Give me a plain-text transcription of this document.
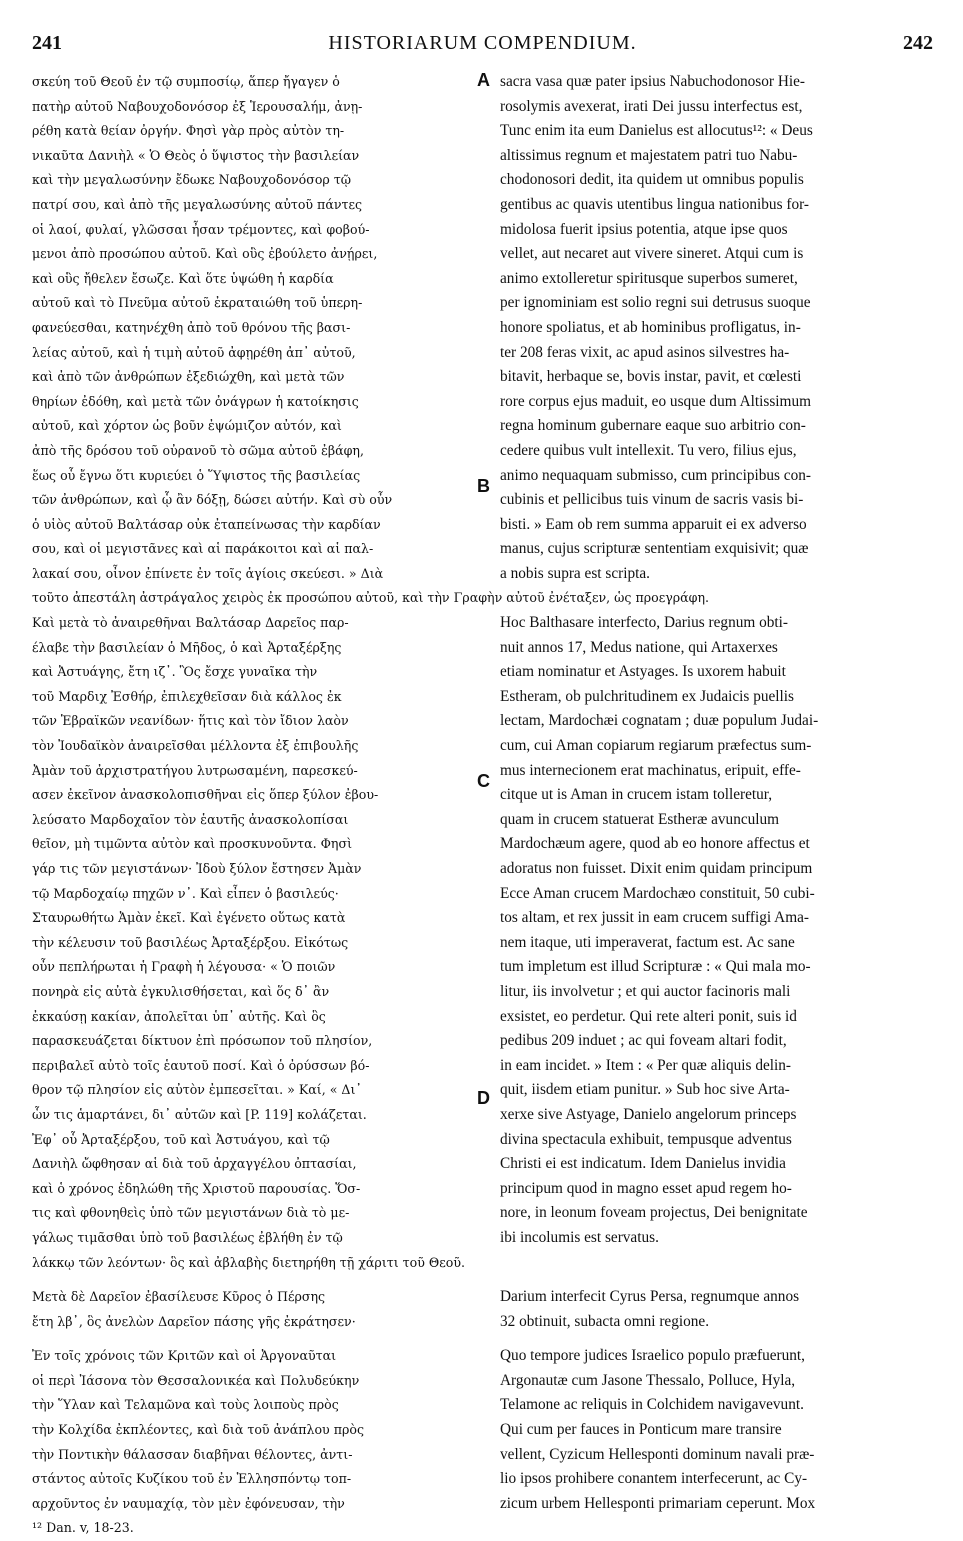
241	HISTORIARUM COMPENDIUM.	242
A
B
C
D
σκεύη τοῦ Θεοῦ ἐν τῷ συμποσίῳ, ἅπερ ἤγαγεν ὁ
πατὴρ αὐτοῦ Ναβουχοδονόσορ ἐξ Ἱερουσαλήμ, ἀνῃ-
ρέθη κατὰ θείαν ὀργήν. Φησὶ γὰρ πρὸς αὐτὸν τη-
νικαῦτα Δανιὴλ « Ὁ Θεὸς ὁ ὕψιστος τὴν βασιλείαν
καὶ τὴν μεγαλωσύνην ἔδωκε Ναβουχοδονόσορ τῷ
πατρί σου, καὶ ἀπὸ τῆς μεγαλωσύνης αὐτοῦ πάντες
οἱ λαοί, φυλαί, γλῶσσαι ἦσαν τρέμοντες, καὶ φοβού-
μενοι ἀπὸ προσώπου αὐτοῦ. Καὶ οὓς ἐβούλετο ἀνῄρει,
καὶ οὓς ἤθελεν ἔσωζε. Καὶ ὅτε ὑψώθη ἡ καρδία
αὐτοῦ καὶ τὸ Πνεῦμα αὐτοῦ ἐκραταιώθη τοῦ ὑπερη-
φανεύεσθαι, κατηνέχθη ἀπὸ τοῦ θρόνου τῆς βασι-
λείας αὐτοῦ, καὶ ἡ τιμὴ αὐτοῦ ἀφῃρέθη ἀπ᾽ αὐτοῦ,
καὶ ἀπὸ τῶν ἀνθρώπων ἐξεδιώχθη, καὶ μετὰ τῶν
θηρίων ἐδόθη, καὶ μετὰ τῶν ὀνάγρων ἡ κατοίκησις
αὐτοῦ, καὶ χόρτον ὡς βοῦν ἐψώμιζον αὐτόν, καὶ
ἀπὸ τῆς δρόσου τοῦ οὐρανοῦ τὸ σῶμα αὐτοῦ ἐβάφη,
ἕως οὗ ἔγνω ὅτι κυριεύει ὁ Ὕψιστος τῆς βασιλείας
τῶν ἀνθρώπων, καὶ ᾧ ἂν δόξῃ, δώσει αὐτήν. Καὶ σὺ οὖν
ὁ υἱὸς αὐτοῦ Βαλτάσαρ οὐκ ἐταπείνωσας τὴν καρδίαν
σου, καὶ οἱ μεγιστᾶνες καὶ αἱ παράκοιτοι καὶ αἱ παλ-
λακαί σου, οἶνον ἐπίνετε ἐν τοῖς ἁγίοις σκεύεσι. » Διὰ
τοῦτο ἀπεστάλη ἀστράγαλος χειρὸς ἐκ προσώπου αὐτοῦ, καὶ τὴν Γραφὴν αὐτοῦ ἐνέταξεν, ὡς προεγράφη.
Καὶ μετὰ τὸ ἀναιρεθῆναι Βαλτάσαρ Δαρεῖος παρ-
έλαβε τὴν βασιλείαν ὁ Μῆδος, ὁ καὶ Ἀρταξέρξης
καὶ Ἀστυάγης, ἔτη ιζ᾽. Ὃς ἔσχε γυναῖκα τὴν
τοῦ Μαρδιχ Ἐσθήρ, ἐπιλεχθεῖσαν διὰ κάλλος ἐκ
τῶν Ἑβραϊκῶν νεανίδων· ἥτις καὶ τὸν ἴδιον λαὸν
τὸν Ἰουδαϊκὸν ἀναιρεῖσθαι μέλλοντα ἐξ ἐπιβουλῆς
Ἀμὰν τοῦ ἀρχιστρατήγου λυτρωσαμένη, παρεσκεύ-
ασεν ἐκεῖνον ἀνασκολοπισθῆναι εἰς ὅπερ ξύλον ἐβου-
λεύσατο Μαρδοχαῖον τὸν ἑαυτῆς ἀνασκολοπίσαι
θεῖον, μὴ τιμῶντα αὐτὸν καὶ προσκυνοῦντα. Φησὶ
γάρ τις τῶν μεγιστάνων· Ἰδοὺ ξύλον ἔστησεν Ἀμὰν
τῷ Μαρδοχαίῳ πηχῶν ν᾽. Καὶ εἶπεν ὁ βασιλεύς·
Σταυρωθήτω Ἀμὰν ἐκεῖ. Καὶ ἐγένετο οὕτως κατὰ
τὴν κέλευσιν τοῦ βασιλέως Ἀρταξέρξου. Εἰκότως
οὖν πεπλήρωται ἡ Γραφὴ ἡ λέγουσα· « Ὁ ποιῶν
πονηρὰ εἰς αὐτὰ ἐγκυλισθήσεται, καὶ ὅς δ᾽ ἂν
ἐκκαύσῃ κακίαν, ἀπολεῖται ὑπ᾽ αὐτῆς. Καὶ ὃς
παρασκευάζεται δίκτυον ἐπὶ πρόσωπον τοῦ πλησίον,
περιβαλεῖ αὐτὸ τοῖς ἑαυτοῦ ποσί. Καὶ ὁ ὀρύσσων βό-
θρον τῷ πλησίον εἰς αὐτὸν ἐμπεσεῖται. » Καί, « Δι᾽
ὧν τις ἁμαρτάνει, δι᾽ αὐτῶν καὶ [P. 119] κολάζεται.
Ἐφ᾽ οὗ Ἀρταξέρξου, τοῦ καὶ Ἀστυάγου, καὶ τῷ
Δανιὴλ ὤφθησαν αἱ διὰ τοῦ ἀρχαγγέλου ὀπτασίαι,
καὶ ὁ χρόνος ἐδηλώθη τῆς Χριστοῦ παρουσίας. Ὅσ-
τις καὶ φθονηθεὶς ὑπὸ τῶν μεγιστάνων διὰ τὸ με-
γάλως τιμᾶσθαι ὑπὸ τοῦ βασιλέως ἐβλήθη ἐν τῷ
λάκκῳ τῶν λεόντων· ὃς καὶ ἀβλαβὴς διετηρήθη τῇ χάριτι τοῦ Θεοῦ.
Μετὰ δὲ Δαρεῖον ἐβασίλευσε Κῦρος ὁ Πέρσης
ἔτη λβ᾽, ὃς ἀνελὼν Δαρεῖον πάσης γῆς ἐκράτησεν·
Ἐν τοῖς χρόνοις τῶν Κριτῶν καὶ οἱ Ἀργοναῦται
οἱ περὶ Ἰάσονα τὸν Θεσσαλονικέα καὶ Πολυδεύκην
τὴν Ὕλαν καὶ Τελαμῶνα καὶ τοὺς λοιποὺς πρὸς
τὴν Κολχίδα ἐκπλέοντες, καὶ διὰ τοῦ ἀνάπλου πρὸς
τὴν Ποντικὴν θάλασσαν διαβῆναι θέλοντες, ἀντι-
στάντος αὐτοῖς Κυζίκου τοῦ ἐν Ἑλλησπόντῳ τοπ-
αρχοῦντος ἐν ναυμαχίᾳ, τὸν μὲν ἐφόνευσαν, τὴν
¹² Dan. v, 18-23.
sacra vasa quæ pater ipsius Nabuchodonosor Hie-
rosolymis avexerat, irati Dei jussu interfectus est,
Tunc enim ita eum Danielus est allocutus¹²: « Deus
altissimus regnum et majestatem patri tuo Nabu-
chodonosori dedit, ita quidem ut omnibus populis
gentibus ac quavis utentibus lingua nationibus for-
midolosa fuerit ipsius potentia, atque ipse quos
vellet, aut necaret aut vivere sineret. Atqui cum is
animo extolleretur spiritusque superbos sumeret,
per ignominiam est solio regni sui detrusus suoque
honore spoliatus, et ab hominibus profligatus, in-
ter 208 feras vixit, ac apud asinos silvestres ha-
bitavit, herbaque se, bovis instar, pavit, et cœlesti
rore corpus ejus maduit, eo usque dum Altissimum
regna hominum gubernare eaque suo arbitrio con-
cedere quibus vult intellexit. Tu vero, filius ejus,
animo nequaquam submisso, cum principibus con-
cubinis et pellicibus tuis vinum de sacris vasis bi-
bisti. » Eam ob rem summa apparuit ei ex adverso
manus, cujus scripturæ sententiam exquisivit; quæ
a nobis supra est scripta.
Hoc Balthasare interfecto, Darius regnum obti-
nuit annos 17, Medus natione, qui Artaxerxes
etiam nominatur et Astyages. Is uxorem habuit
Estheram, ob pulchritudinem ex Judaicis puellis
lectam, Mardochæi cognatam ; duæ populum Judai-
cum, cui Aman copiarum regiarum præfectus sum-
mus internecionem erat machinatus, eripuit, effe-
citque ut is Aman in crucem istam tolleretur,
quam in crucem statuerat Estheræ avunculum
Mardochæum agere, quod ab eo honore affectus et
adoratus non fuisset. Dixit enim quidam principum
Ecce Aman crucem Mardochæo constituit, 50 cubi-
tos altam, et rex jussit in eam crucem suffigi Ama-
nem itaque, uti imperaverat, factum est. Ac sane
tum impletum est illud Scripturæ : « Qui mala mo-
litur, iis involvetur ; et qui auctor facinoris mali
exsistet, eo perdetur. Qui rete alteri ponit, suis id
pedibus 209 induet ; ac qui foveam altari fodit,
in eam incidet. » Item : « Per quæ aliquis delin-
quit, iisdem etiam punitur. » Sub hoc sive Arta-
xerxe sive Astyage, Danielo angelorum princeps
divina spectacula exhibuit, tempusque adventus
Christi ei est indicatum. Idem Danielus invidia
principum quod in magno esset apud regem ho-
nore, in leonum foveam projectus, Dei benignitate
ibi incolumis est servatus.
Darium interfecit Cyrus Persa, regnumque annos
32 obtinuit, subacta omni regione.
Quo tempore judices Israelico populo præfuerunt,
Argonautæ cum Jasone Thessalo, Polluce, Hyla,
Telamone ac reliquis in Colchidem navigavevunt.
Qui cum per fauces in Ponticum mare transire
vellent, Cyzicum Hellesponti dominum navali præ-
lio ipsos prohibere conantem interfecerunt, ac Cy-
zicum urbem Hellesponti primariam ceperunt. Mox
